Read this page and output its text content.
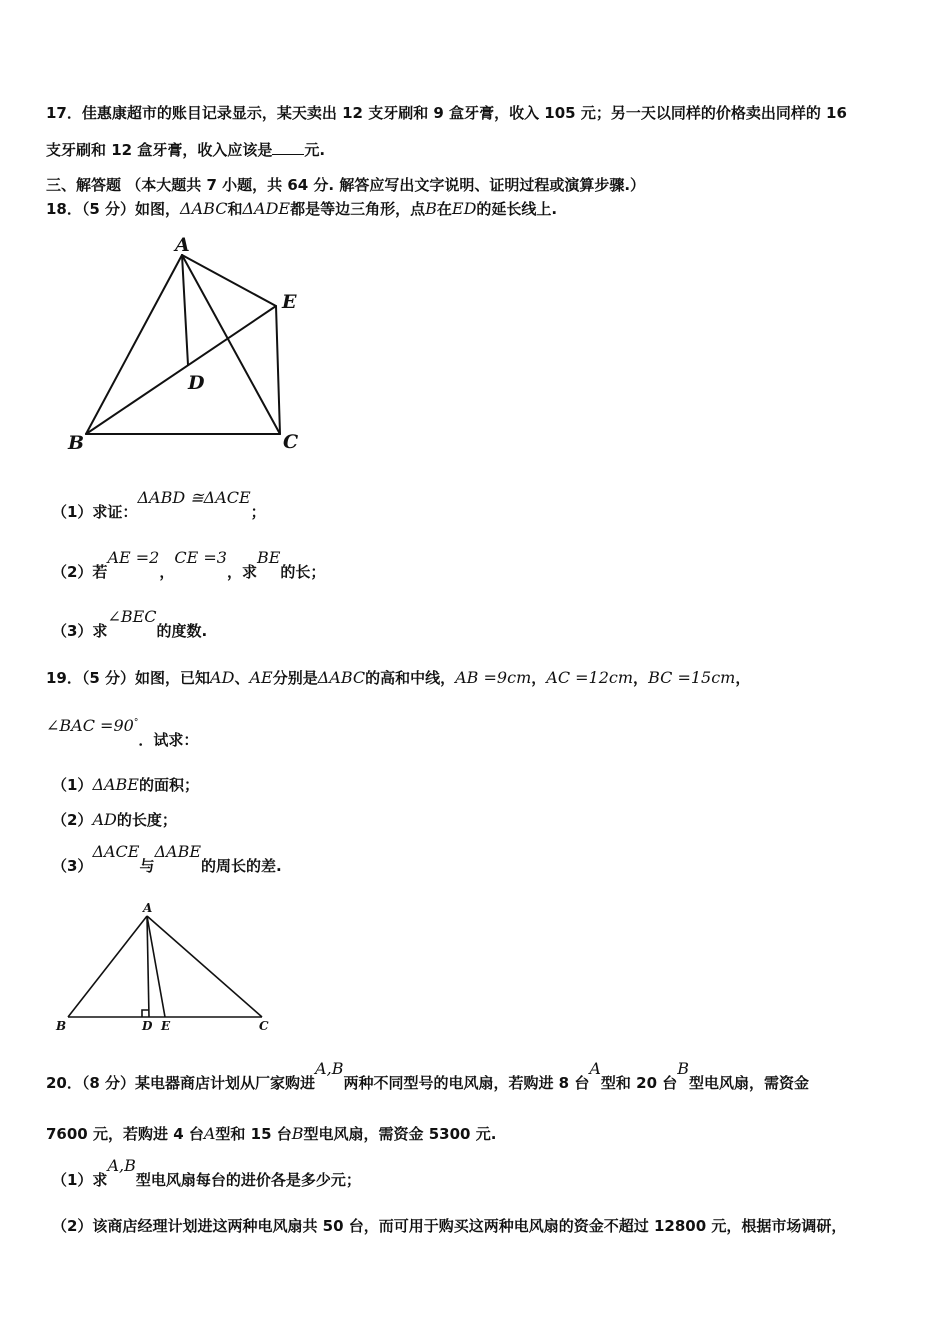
17．佳惠康超市的账目记录显示，某天卖出 12 支牙刷和 9 盒牙膏，收入 105 元；另一天以同样的价格卖出同样的 16
支牙刷和 12 盒牙膏，收入应该是 元.
三、解答题 （本大题共 7 小题，共 64 分. 解答应写出文字说明、证明过程或演算步骤.）
18．（5 分）如图，ΔABC和ΔADE都是等边三角形，点B在ED的延长线上.
A
E
D
B	C
A
B	D E	C
（1）求证：ΔABD ≅ΔACE；
（2）若AE =2，CE =3，求BE的长；
（3）求∠BEC的度数.
19．（5 分）如图，已知AD、AE分别是ΔABC的高和中线，AB =9cm，AC =12cm，BC =15cm，
∠BAC =90°．试求：
（1）ΔABE的面积；
（2）AD的长度；
（3）ΔACE与ΔABE的周长的差.
20．（8 分）某电器商店计划从厂家购进A,B两种不同型号的电风扇，若购进 8 台A型和 20 台B型电风扇，需资金
7600 元，若购进 4 台A型和 15 台B型电风扇，需资金 5300 元.
（1）求A,B型电风扇每台的进价各是多少元；
（2）该商店经理计划进这两种电风扇共 50 台，而可用于购买这两种电风扇的资金不超过 12800 元，根据市场调研，
